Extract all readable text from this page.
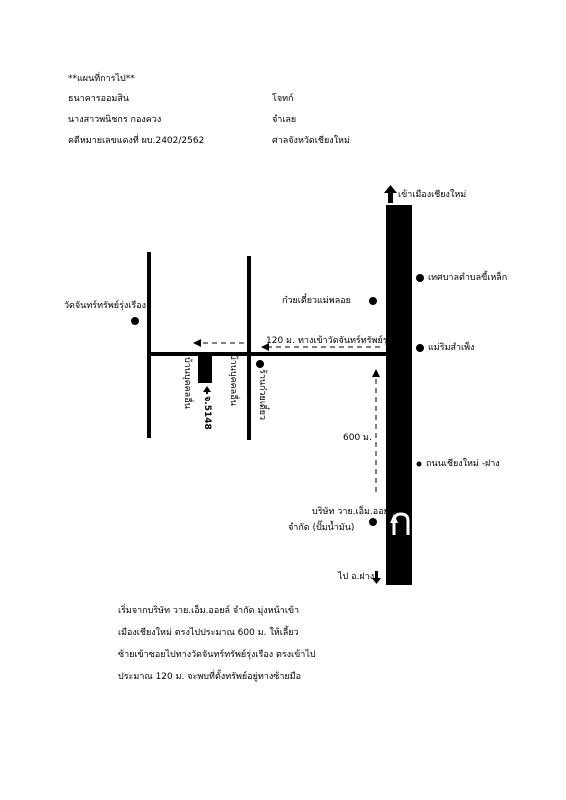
**แผนที่การไป**
ธนาคารออมสิน	โจทก์
นางสาวพนิชกร กองควง	จำเลย
คดีหมายเลขแดงที่ ผบ.2402/2562	ศาลจังหวัดเชียงใหม่
เข้าเมืองเชียงใหม่
ไป อ.ฝาง
เทศบาลตำบลขี้เหล็ก
แม่ริมสำเพ็ง
ถนนเชียงใหม่ -ฝาง
ก๋วยเตี๋ยวแม่พลอย
วัดจันทร์ทรัพย์รุ่งเรือง
บริษัท วาย.เอ็ม.ออยล์
จำกัด (ปั๊มน้ำมัน)
120 ม.
600 ม.
ทางเข้าวัดจันทร์ทรัพย์รุ่งเรือง
บ้านบุคคลอื่น	บ้านบุคคลอื่น ร้านก๋วยเตี๋ยว
จ.5148
เริ่มจากบริษัท วาย.เอ็ม.ออยล์ จำกัด มุ่งหน้าเข้า
เมืองเชียงใหม่ ตรงไปประมาณ 600 ม. ให้เลี้ยว
ซ้ายเข้าซอยไปทางวัดจันทร์ทรัพย์รุ่งเรือง ตรงเข้าไป
ประมาณ 120 ม. จะพบที่ตั้งทรัพย์อยู่ทางซ้ายมือ
